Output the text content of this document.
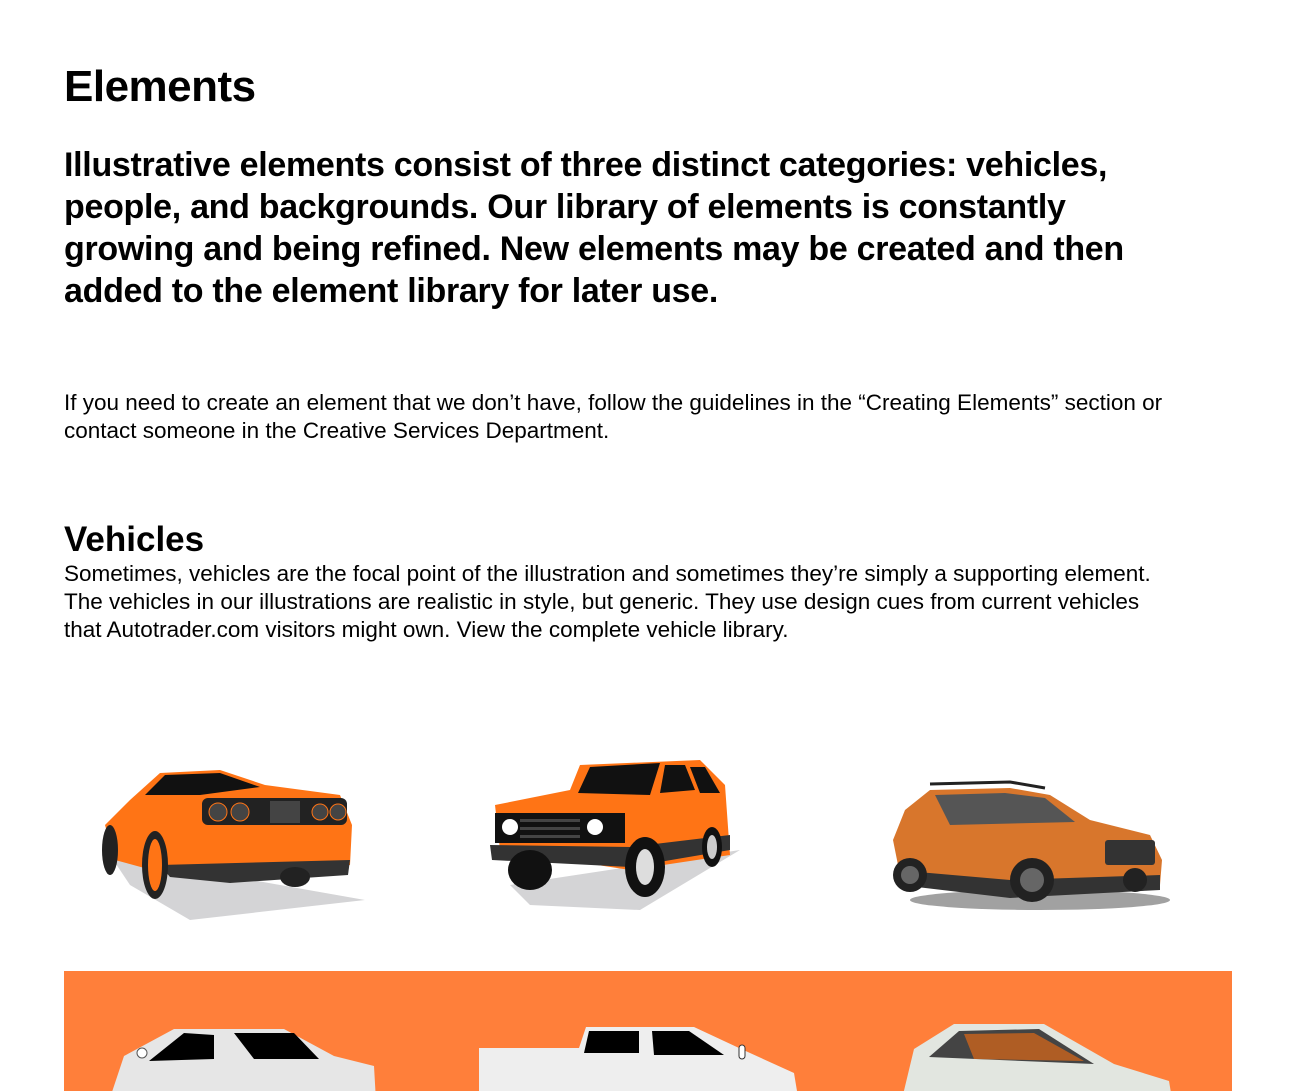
Elements

Illustrative elements consist of three distinct categories: vehicles, people, and backgrounds. Our library of elements is constantly growing and being refined. New elements may be created and then added to the element library for later use.

If you need to create an element that we don’t have, follow the guidelines in the “Creating Elements” section or contact someone in the Creative Services Department.

Vehicles

Sometimes, vehicles are the focal point of the illustration and sometimes they’re simply a supporting element. The vehicles in our illustrations are realistic in style, but generic. They use design cues from current vehicles that Autotrader.com visitors might own. View the complete vehicle library.
